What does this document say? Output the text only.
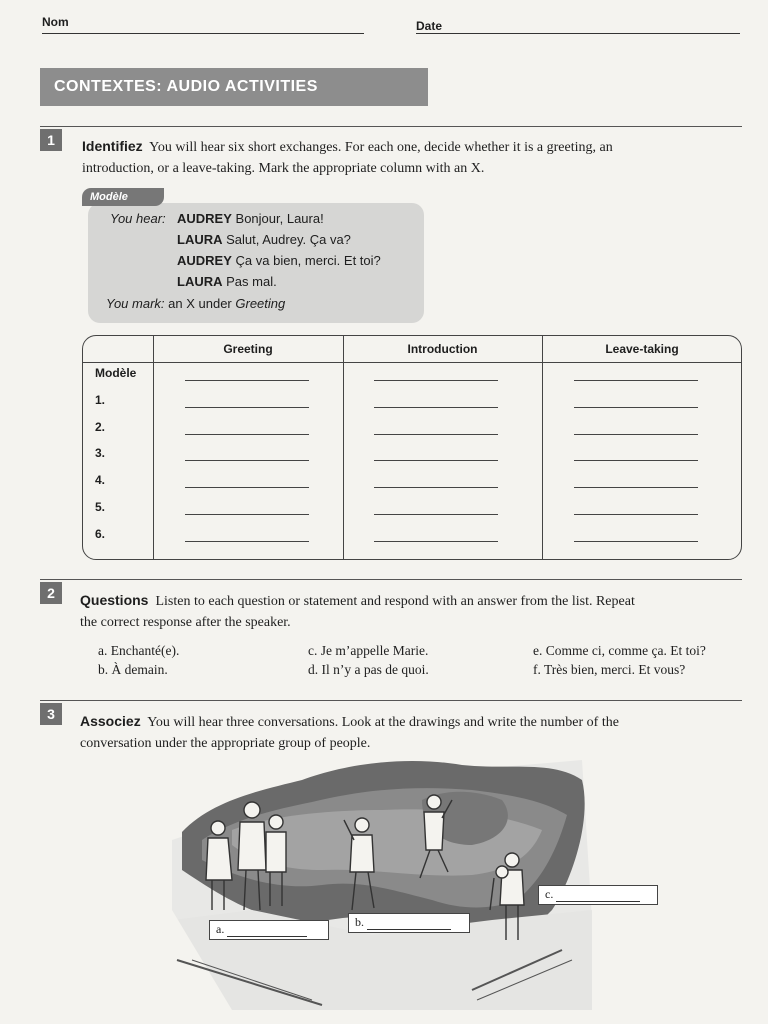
Nom	Date
CONTEXTES: AUDIO ACTIVITIES
1	Identifiez You will hear six short exchanges. For each one, decide whether it is a greeting, an
introduction, or a leave-taking. Mark the appropriate column with an X.
Modèle
You hear: AUDREY Bonjour, Laura!
LAURA Salut, Audrey. Ça va?
AUDREY Ça va bien, merci. Et toi?
LAURA Pas mal.
You mark: an X under Greeting
Greeting	Introduction	Leave-taking
Modèle
1.
2.
3.
4.
5.
6.
2	Questions Listen to each question or statement and respond with an answer from the list. Repeat
the correct response after the speaker.
a. Enchanté(e).
b. À demain.
c. Je m’appelle Marie.
d. Il n’y a pas de quoi.
e. Comme ci, comme ça. Et toi?
f. Très bien, merci. Et vous?
3	Associez You will hear three conversations. Look at the drawings and write the number of the
conversation under the appropriate group of people.
a.	b.
c.
